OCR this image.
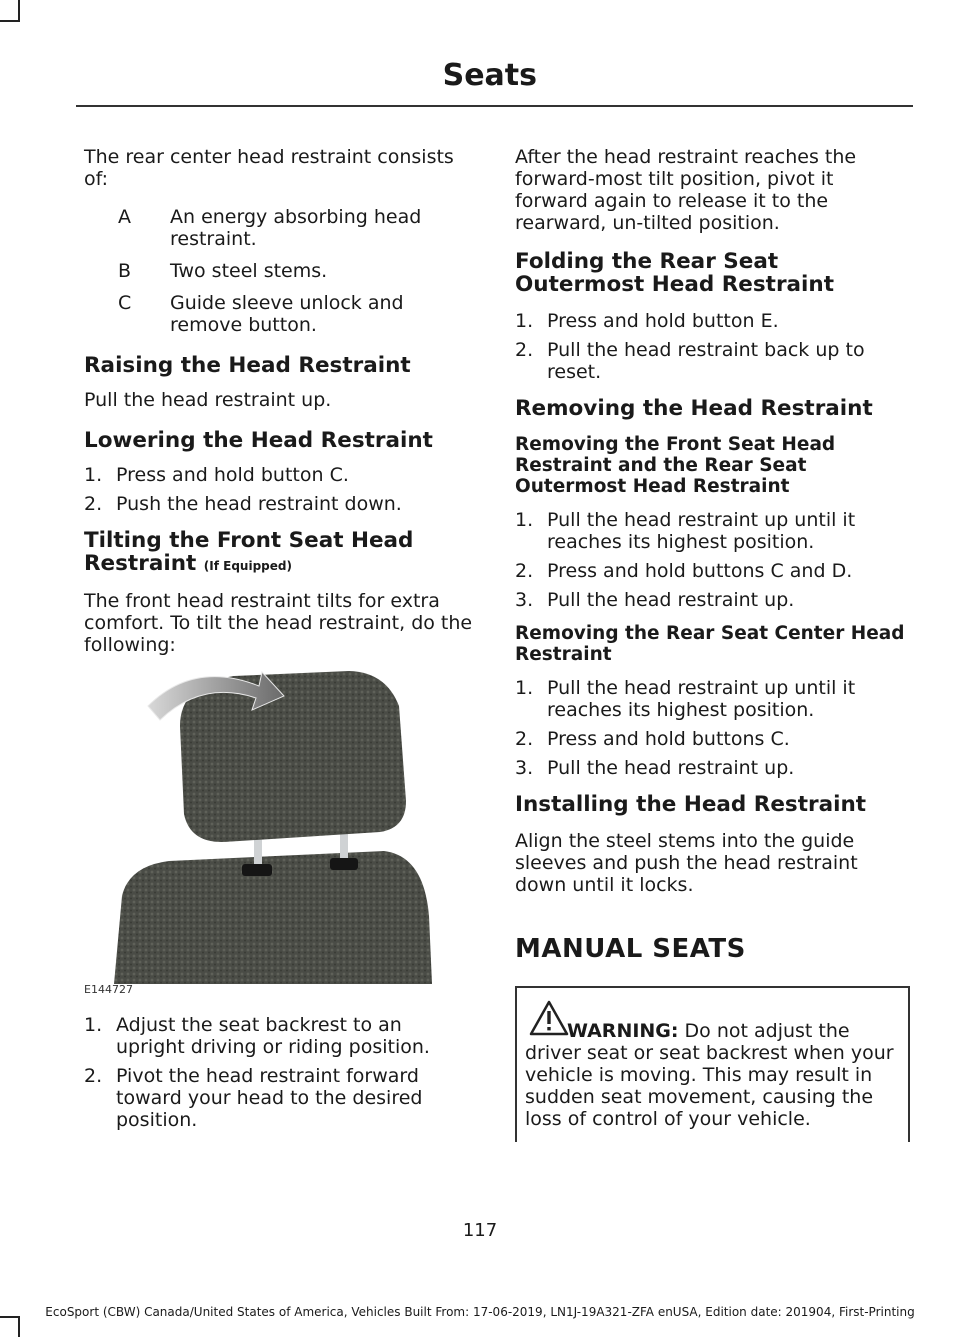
Seats

The rear center head restraint consists of:

A	An energy absorbing head restraint.
B	Two steel stems.
C	Guide sleeve unlock and remove button.
Raising the Head Restraint

Pull the head restraint up.

Lowering the Head Restraint
1. Press and hold button C.
2. Push the head restraint down.
Tilting the Front Seat Head
Restraint (If Equipped)

The front head restraint tilts for extra comfort. To tilt the head restraint, do the following:

E144727
1. Adjust the seat backrest to an upright driving or riding position.
2. Pivot the head restraint forward toward your head to the desired position.

After the head restraint reaches the forward-most tilt position, pivot it forward again to release it to the rearward, un-tilted position.

Folding the Rear Seat Outermost Head Restraint
1. Press and hold button E.
2. Pull the head restraint back up to reset.
Removing the Head Restraint
Removing the Front Seat Head Restraint and the Rear Seat Outermost Head Restraint
1. Pull the head restraint up until it reaches its highest position.
2. Press and hold buttons C and D.
3. Pull the head restraint up.
Removing the Rear Seat Center Head Restraint
1. Pull the head restraint up until it reaches its highest position.
2. Press and hold buttons C.
3. Pull the head restraint up.
Installing the Head Restraint

Align the steel stems into the guide sleeves and push the head restraint down until it locks.

MANUAL SEATS

WARNING: Do not adjust the driver seat or seat backrest when your vehicle is moving. This may result in sudden seat movement, causing the loss of control of your vehicle.

117
EcoSport (CBW) Canada/United States of America, Vehicles Built From: 17-06-2019, LN1J-19A321-ZFA enUSA, Edition date: 201904, First-Printing
